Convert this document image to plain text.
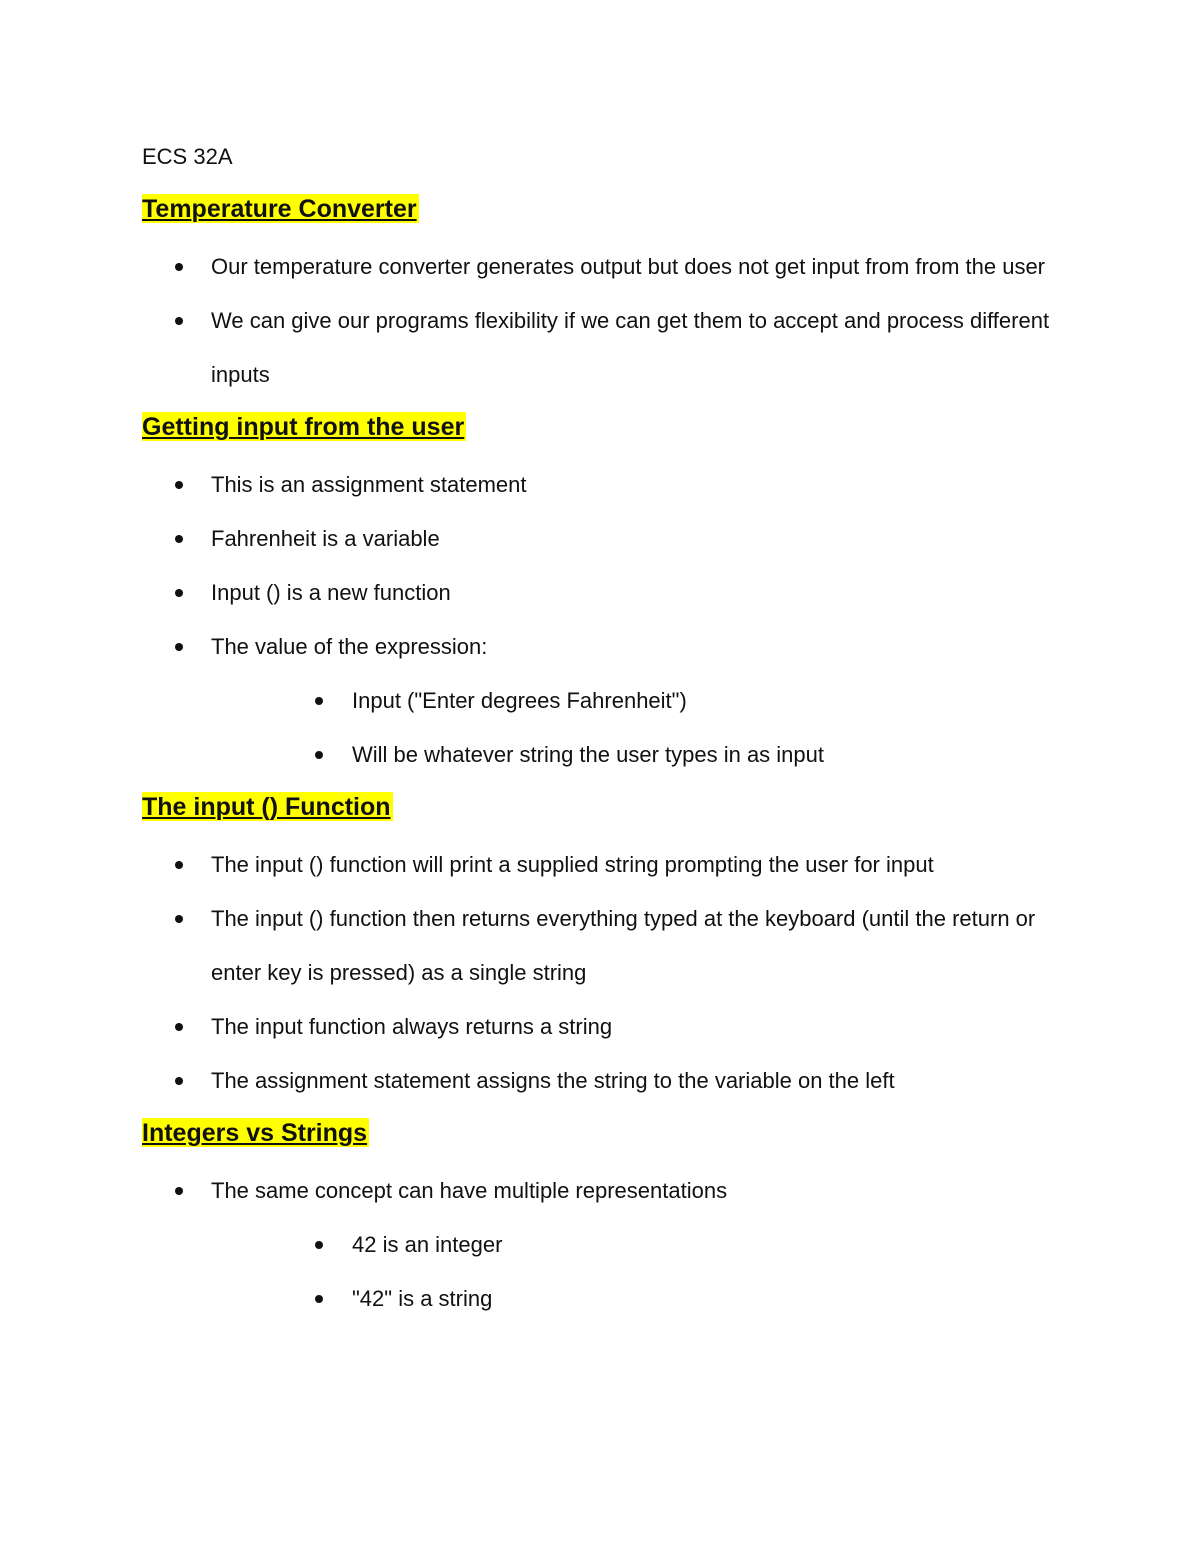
ECS 32A
Temperature Converter
Our temperature converter generates output but does not get input from from the user
We can give our programs flexibility if we can get them to accept and process different inputs
Getting input from the user
This is an assignment statement
Fahrenheit is a variable
Input () is a new function
The value of the expression:
Input ("Enter degrees Fahrenheit")
Will be whatever string the user types in as input
The input () Function
The input () function will print a supplied string prompting the user for input
The input () function then returns everything typed at the keyboard (until the return or enter key is pressed) as a single string
The input function always returns a string
The assignment statement assigns the string to the variable on the left
Integers vs Strings
The same concept can have multiple representations
42 is an integer
"42" is a string
